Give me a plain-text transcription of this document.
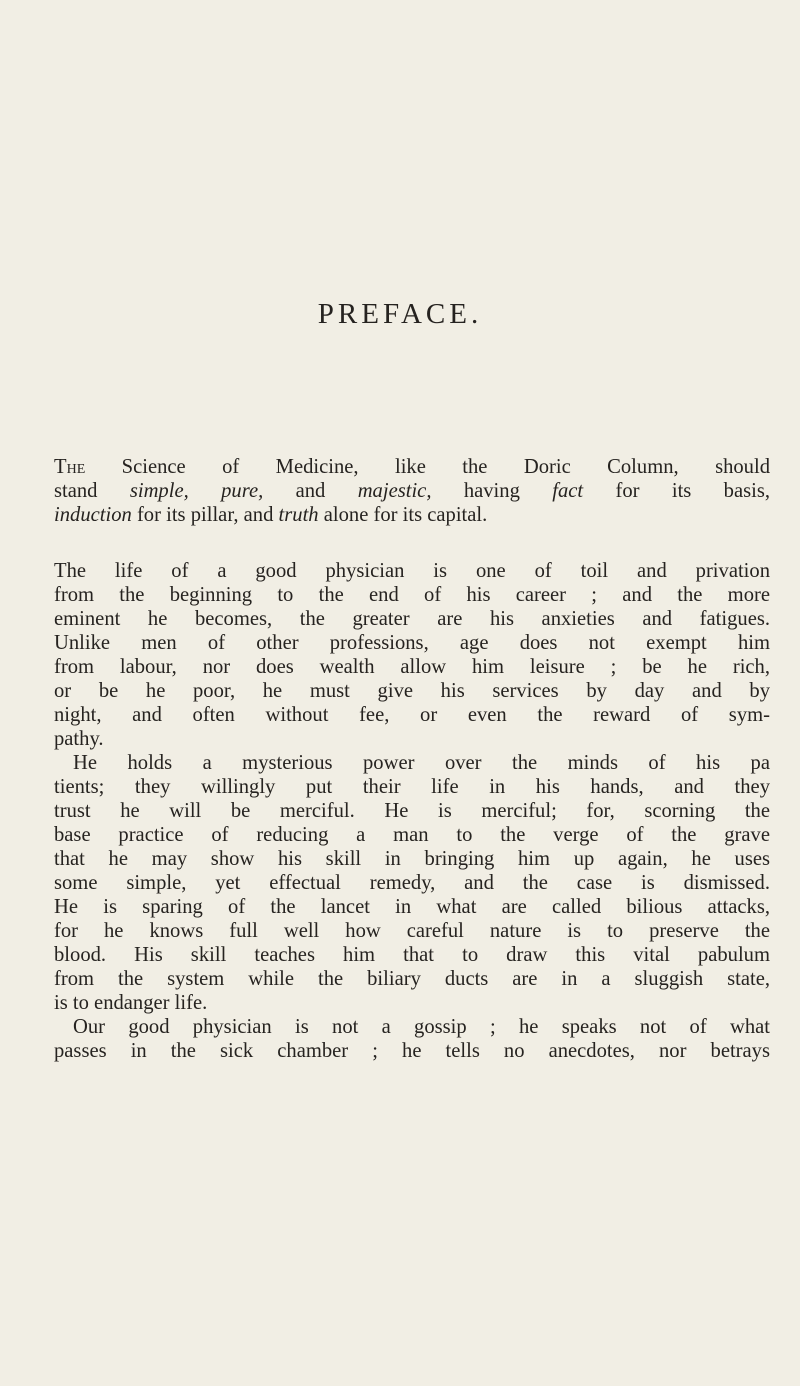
PREFACE.
The Science of Medicine, like the Doric Column, should
stand simple, pure, and majestic, having fact for its basis,
induction for its pillar, and truth alone for its capital.
The life of a good physician is one of toil and privation
from the beginning to the end of his career ; and the more
eminent he becomes, the greater are his anxieties and fatigues.
Unlike men of other professions, age does not exempt him
from labour, nor does wealth allow him leisure ; be he rich,
or be he poor, he must give his services by day and by
night, and often without fee, or even the reward of sym-
pathy.
He holds a mysterious power over the minds of his pa
tients; they willingly put their life in his hands, and they
trust he will be merciful. He is merciful; for, scorning the
base practice of reducing a man to the verge of the grave
that he may show his skill in bringing him up again, he uses
some simple, yet effectual remedy, and the case is dismissed.
He is sparing of the lancet in what are called bilious attacks,
for he knows full well how careful nature is to preserve the
blood. His skill teaches him that to draw this vital pabulum
from the system while the biliary ducts are in a sluggish state,
is to endanger life.
Our good physician is not a gossip ; he speaks not of what
passes in the sick chamber ; he tells no anecdotes, nor betrays
